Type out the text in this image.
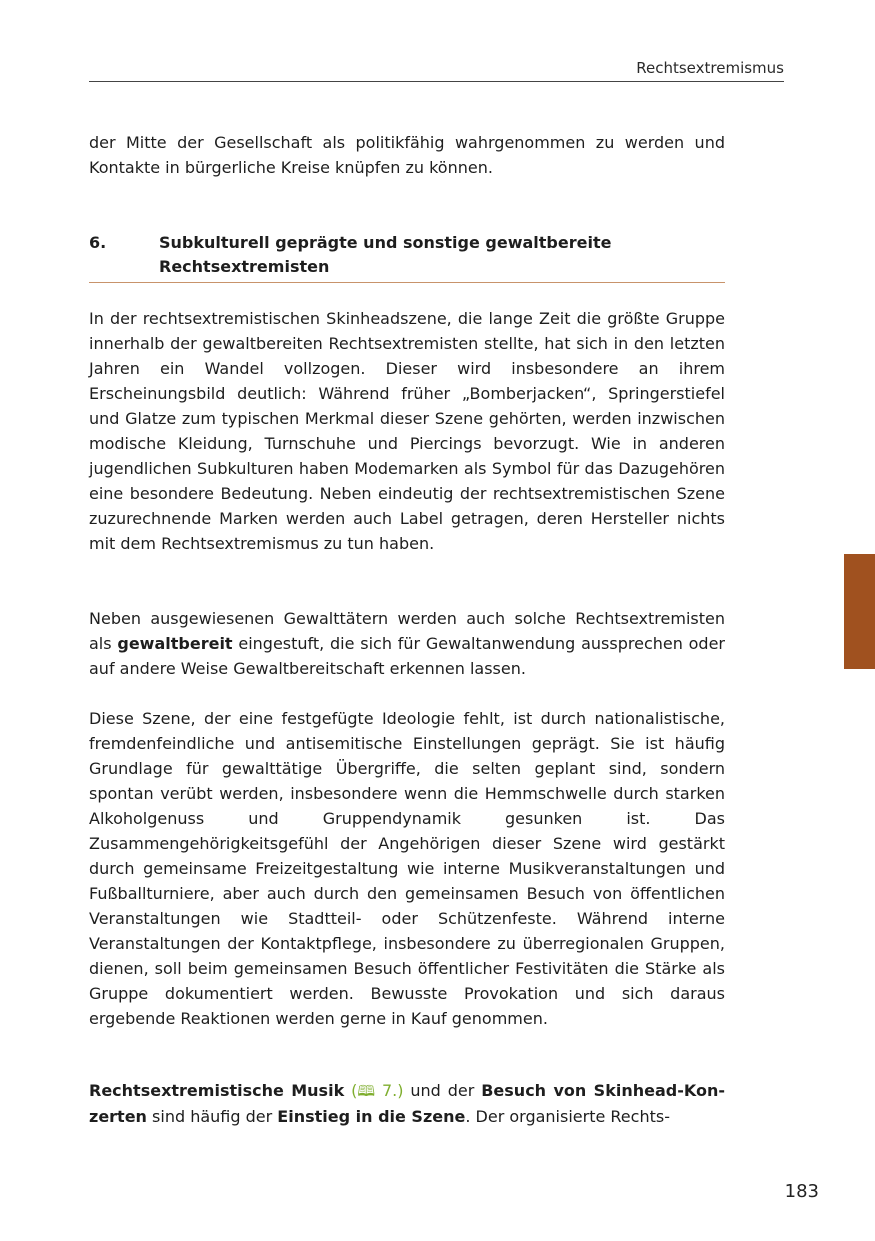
Rechtsextremismus

der Mitte der Gesellschaft als politikfähig wahrgenommen zu werden und Kontakte in bürgerliche Kreise knüpfen zu können.

6.	Subkulturell geprägte und sonstige gewaltbereite Rechtsextremisten

In der rechtsextremistischen Skinheadszene, die lange Zeit die größte Gruppe innerhalb der gewaltbereiten Rechtsextremisten stellte, hat sich in den letzten Jahren ein Wandel vollzogen. Dieser wird insbesondere an ihrem Erscheinungsbild deutlich: Während früher „Bomberjacken“, Springerstiefel und Glatze zum typischen Merkmal dieser Szene gehörten, werden inzwischen modische Kleidung, Turnschuhe und Piercings bevorzugt. Wie in anderen jugendlichen Subkulturen haben Modemarken als Symbol für das Dazugehören eine besondere Bedeutung. Neben eindeutig der rechtsextremistischen Szene zuzurechnende Marken werden auch Label getragen, deren Hersteller nichts mit dem Rechtsextremismus zu tun haben.

Neben ausgewiesenen Gewalttätern werden auch solche Rechtsextremisten als gewaltbereit eingestuft, die sich für Gewaltanwendung aussprechen oder auf andere Weise Gewaltbereitschaft erkennen lassen.

Diese Szene, der eine festgefügte Ideologie fehlt, ist durch nationalistische, fremdenfeindliche und antisemitische Einstellungen geprägt. Sie ist häufig Grundlage für gewalttätige Übergriffe, die selten geplant sind, sondern spontan verübt werden, insbesondere wenn die Hemmschwelle durch starken Alkoholgenuss und Gruppendynamik gesunken ist. Das Zusammengehörigkeitsgefühl der Angehörigen dieser Szene wird gestärkt durch gemeinsame Freizeitgestaltung wie interne Musikveranstaltungen und Fußballturniere, aber auch durch den gemeinsamen Besuch von öffentlichen Veranstaltungen wie Stadtteil- oder Schützenfeste. Während interne Veranstaltungen der Kontaktpflege, insbesondere zu überregionalen Gruppen, dienen, soll beim gemeinsamen Besuch öffentlicher Festivitäten die Stärke als Gruppe dokumentiert werden. Bewusste Provokation und sich daraus ergebende Reaktionen werden gerne in Kauf genommen.

Rechtsextremistische Musik (🕮 7.) und der Besuch von Skinhead-Konzerten sind häufig der Einstieg in die Szene. Der organisierte Rechts-

183
